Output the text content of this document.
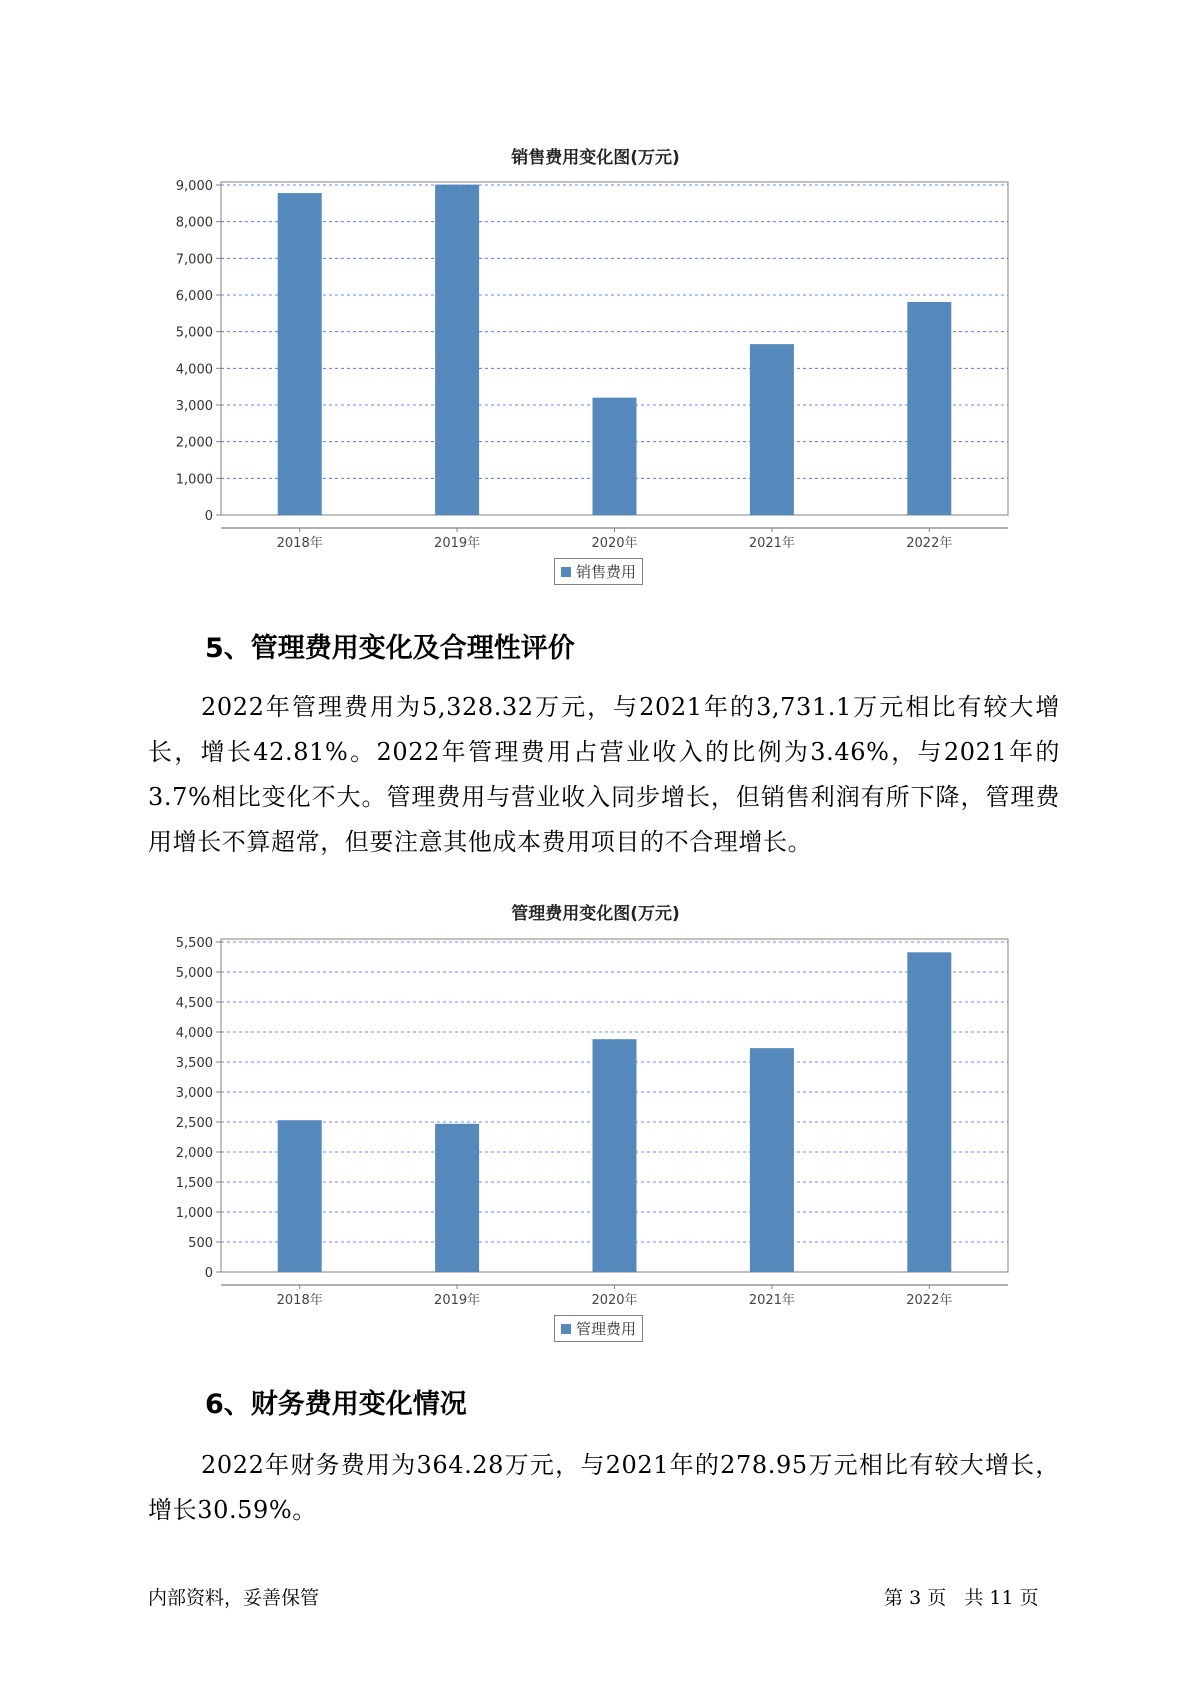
销售费用变化图(万元)
0
1,000
2,000
3,000
4,000
5,000
6,000
7,000
8,000
9,000
2018年	2019年	2020年	2021年	2022年
销售费用
5、管理费用变化及合理性评价

2022年管理费用为5,328.32万元，与2021年的3,731.1万元相比有较大增长，增长42.81%。2022年管理费用占营业收入的比例为3.46%，与2021年的3.7%相比变化不大。管理费用与营业收入同步增长，但销售利润有所下降，管理费用增长不算超常，但要注意其他成本费用项目的不合理增长。

管理费用变化图(万元)
0
500
1,000
1,500
2,000
2,500
3,000
3,500
4,000
4,500
5,000
5,500
2018年	2019年	2020年	2021年	2022年
管理费用
6、财务费用变化情况

2022年财务费用为364.28万元，与2021年的278.95万元相比有较大增长，增长30.59%。

内部资料，妥善保管	第 3 页   共 11 页
